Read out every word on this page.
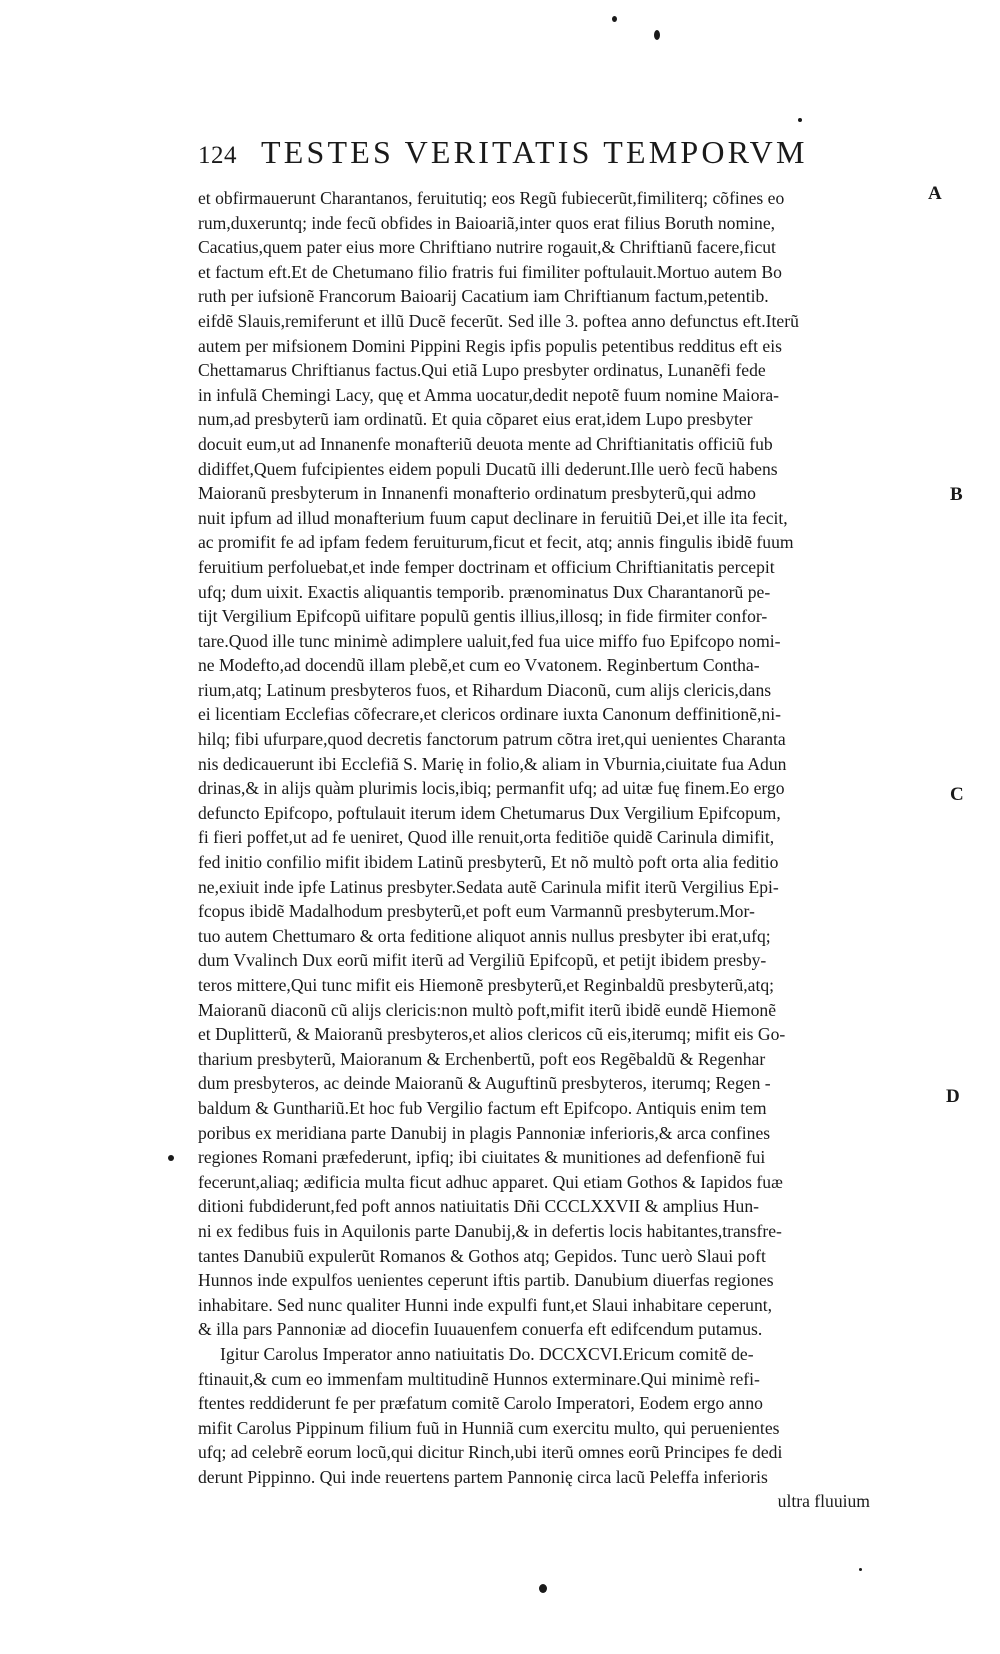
124 TESTES VERITATIS TEMPORVM
A
B
C
D
et obfirmauerunt Charantanos, feruitutiq; eos Regũ fubiecerũt,fimiliterq; cõfines eo
rum,duxeruntq; inde fecũ obfides in Baioariã,inter quos erat filius Boruth nomine,
Cacatius,quem pater eius more Chriftiano nutrire rogauit,& Chriftianũ facere,ficut
et factum eft.Et de Chetumano filio fratris fui fimiliter poftulauit.Mortuo autem Bo
ruth per iufsionẽ Francorum Baioarij Cacatium iam Chriftianum factum,petentib.
eifdẽ Slauis,remiferunt et illũ Ducẽ fecerũt. Sed ille 3. poftea anno defunctus eft.Iterũ
autem per mifsionem Domini Pippini Regis ipfis populis petentibus redditus eft eis
Chettamarus Chriftianus factus.Qui etiã Lupo presbyter ordinatus, Lunanẽfi fede
in infulã Chemingi Lacy, quę et Amma uocatur,dedit nepotẽ fuum nomine Maiora-
num,ad presbyterũ iam ordinatũ. Et quia cõparet eius erat,idem Lupo presbyter
docuit eum,ut ad Innanenfe monafteriũ deuota mente ad Chriftianitatis officiũ fub
didiffet,Quem fufcipientes eidem populi Ducatũ illi dederunt.Ille uerò fecũ habens
Maioranũ presbyterum in Innanenfi monafterio ordinatum presbyterũ,qui admo
nuit ipfum ad illud monafterium fuum caput declinare in feruitiũ Dei,et ille ita fecit,
ac promifit fe ad ipfam fedem feruiturum,ficut et fecit, atq; annis fingulis ibidẽ fuum
feruitium perfoluebat,et inde femper doctrinam et officium Chriftianitatis percepit
ufq; dum uixit. Exactis aliquantis temporib. prænominatus Dux Charantanorũ pe-
tijt Vergilium Epifcopũ uifitare populũ gentis illius,illosq; in fide firmiter confor-
tare.Quod ille tunc minimè adimplere ualuit,fed fua uice miffo fuo Epifcopo nomi-
ne Modefto,ad docendũ illam plebẽ,et cum eo Vvatonem. Reginbertum Contha-
rium,atq; Latinum presbyteros fuos, et Rihardum Diaconũ, cum alijs clericis,dans
ei licentiam Ecclefias cõfecrare,et clericos ordinare iuxta Canonum deffinitionẽ,ni-
hilq; fibi ufurpare,quod decretis fanctorum patrum cõtra iret,qui uenientes Charanta
nis dedicauerunt ibi Ecclefiã S. Marię in folio,& aliam in Vburnia,ciuitate fua Adun
drinas,& in alijs quàm plurimis locis,ibiq; permanfit ufq; ad uitæ fuę finem.Eo ergo
defuncto Epifcopo, poftulauit iterum idem Chetumarus Dux Vergilium Epifcopum,
fi fieri poffet,ut ad fe ueniret, Quod ille renuit,orta feditiõe quidẽ Carinula dimifit,
fed initio confilio mifit ibidem Latinũ presbyterũ, Et nõ multò poft orta alia feditio
ne,exiuit inde ipfe Latinus presbyter.Sedata autẽ Carinula mifit iterũ Vergilius Epi-
fcopus ibidẽ Madalhodum presbyterũ,et poft eum Varmannũ presbyterum.Mor-
tuo autem Chettumaro & orta feditione aliquot annis nullus presbyter ibi erat,ufq;
dum Vvalinch Dux eorũ mifit iterũ ad Vergiliũ Epifcopũ, et petijt ibidem presby-
teros mittere,Qui tunc mifit eis Hiemonẽ presbyterũ,et Reginbaldũ presbyterũ,atq;
Maioranũ diaconũ cũ alijs clericis:non multò poft,mifit iterũ ibidẽ eundẽ Hiemonẽ
et Duplitterũ, & Maioranũ presbyteros,et alios clericos cũ eis,iterumq; mifit eis Go-
tharium presbyterũ, Maioranum & Erchenbertũ, poft eos Regẽbaldũ & Regenhar
dum presbyteros, ac deinde Maioranũ & Auguftinũ presbyteros, iterumq; Regen -
baldum & Gunthariũ.Et hoc fub Vergilio factum eft Epifcopo. Antiquis enim tem
poribus ex meridiana parte Danubij in plagis Pannoniæ inferioris,& arca confines
regiones Romani præfederunt, ipfiq; ibi ciuitates & munitiones ad defenfionẽ fui
fecerunt,aliaq; ædificia multa ficut adhuc apparet. Qui etiam Gothos & Iapidos fuæ
ditioni fubdiderunt,fed poft annos natiuitatis Dñi CCCLXXVII & amplius Hun-
ni ex fedibus fuis in Aquilonis parte Danubij,& in defertis locis habitantes,transfre-
tantes Danubiũ expulerũt Romanos & Gothos atq; Gepidos. Tunc uerò Slaui poft
Hunnos inde expulfos uenientes ceperunt iftis partib. Danubium diuerfas regiones
inhabitare. Sed nunc qualiter Hunni inde expulfi funt,et Slaui inhabitare ceperunt,
& illa pars Pannoniæ ad diocefin Iuuauenfem conuerfa eft edifcendum putamus.
Igitur Carolus Imperator anno natiuitatis Do. DCCXCVI.Ericum comitẽ de-
ftinauit,& cum eo immenfam multitudinẽ Hunnos exterminare.Qui minimè refi-
ftentes reddiderunt fe per præfatum comitẽ Carolo Imperatori, Eodem ergo anno
mifit Carolus Pippinum filium fuũ in Hunniã cum exercitu multo, qui peruenientes
ufq; ad celebrẽ eorum locũ,qui dicitur Rinch,ubi iterũ omnes eorũ Principes fe dedi
derunt Pippinno. Qui inde reuertens partem Pannonię circa lacũ Peleffa inferioris
ultra fluuium
